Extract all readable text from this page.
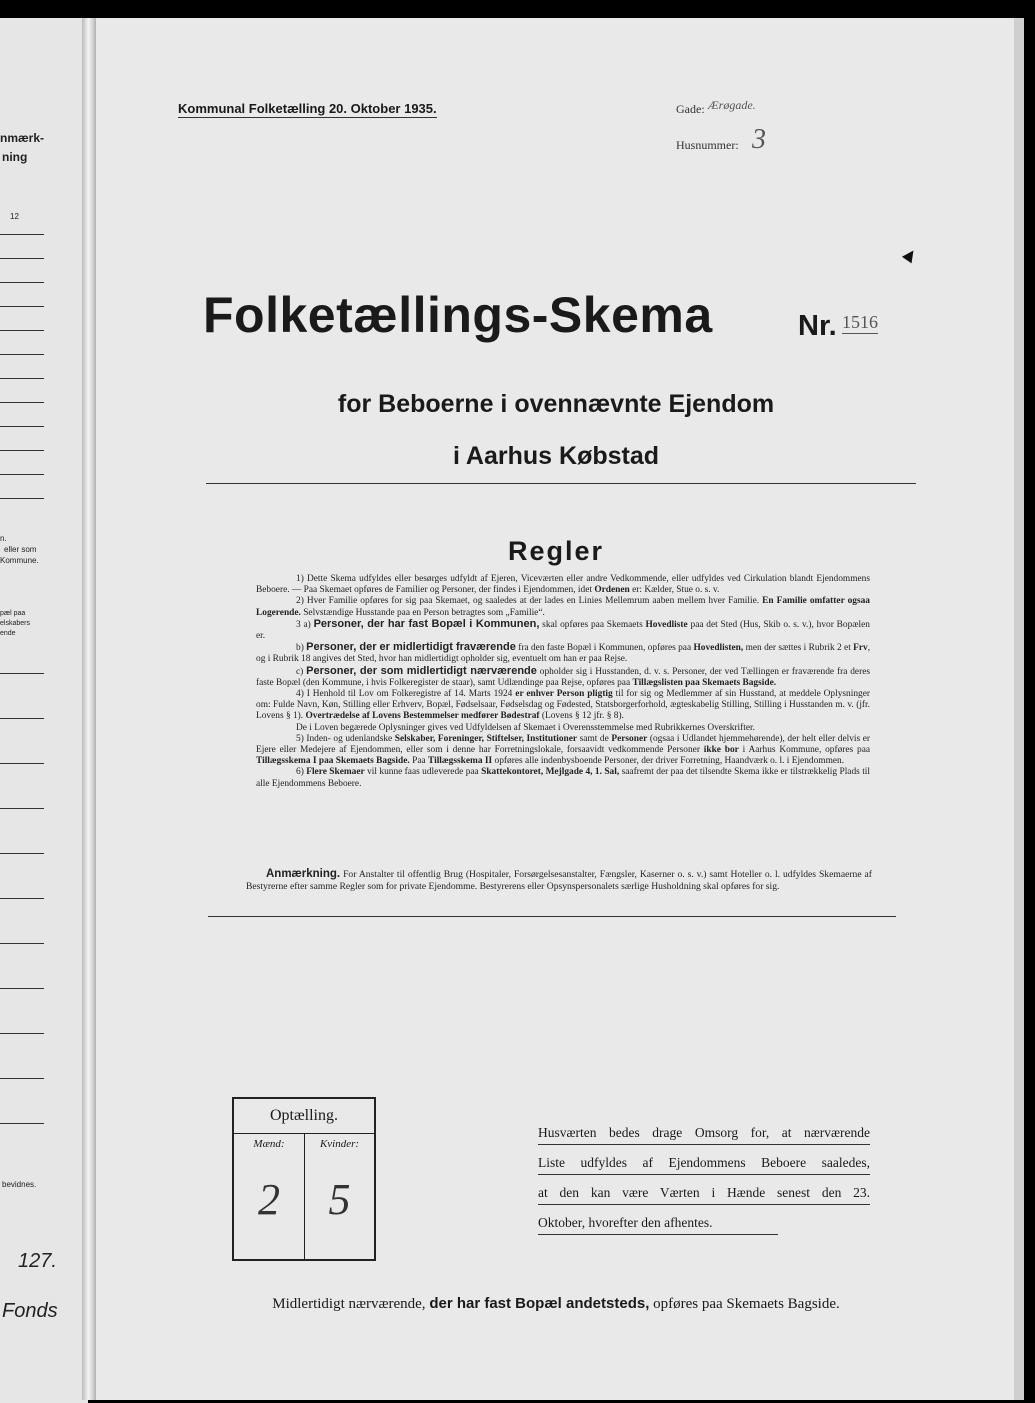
nmærk-
ning
12
n.
eller som
Kommune.
pæl paa
elskabers
ende
bevidnes.
127.
Fonds
Kommunal Folketælling 20. Oktober 1935.	Gade: Ærøgade.
Husnummer: 3
▲
Folketællings-Skema	Nr. 1516
for Beboerne i ovennævnte Ejendom
i Aarhus Købstad
Regler

1) Dette Skema udfyldes eller besørges udfyldt af Ejeren, Viceværten eller andre Vedkommende, eller udfyldes ved Cirkulation blandt Ejendommens Beboere. — Paa Skemaet opføres de Familier og Personer, der findes i Ejendommen, idet Ordenen er: Kælder, Stue o. s. v.

2) Hver Familie opføres for sig paa Skemaet, og saaledes at der lades en Linies Mellemrum aaben mellem hver Familie. En Familie omfatter ogsaa Logerende. Selvstændige Husstande paa en Person betragtes som „Familie“.

3 a) Personer, der har fast Bopæl i Kommunen, skal opføres paa Skemaets Hovedliste paa det Sted (Hus, Skib o. s. v.), hvor Bopælen er.

b) Personer, der er midlertidigt fraværende fra den faste Bopæl i Kommunen, opføres paa Hovedlisten, men der sættes i Rubrik 2 et Frv, og i Rubrik 18 angives det Sted, hvor han midlertidigt opholder sig, eventuelt om han er paa Rejse.

c) Personer, der som midlertidigt nærværende opholder sig i Husstanden, d. v. s. Personer, der ved Tællingen er fraværende fra deres faste Bopæl (den Kommune, i hvis Folkeregister de staar), samt Udlændinge paa Rejse, opføres paa Tillægslisten paa Skemaets Bagside.

4) I Henhold til Lov om Folkeregistre af 14. Marts 1924 er enhver Person pligtig til for sig og Medlemmer af sin Husstand, at meddele Oplysninger om: Fulde Navn, Køn, Stilling eller Erhverv, Bopæl, Fødselsaar, Fødselsdag og Fødested, Statsborgerforhold, ægteskabelig Stilling, Stilling i Husstanden m. v. (jfr. Lovens § 1). Overtrædelse af Lovens Bestemmelser medfører Bødestraf (Lovens § 12 jfr. § 8).

De i Loven begærede Oplysninger gives ved Udfyldelsen af Skemaet i Overensstemmelse med Rubrikkernes Overskrifter.

5) Inden- og udenlandske Selskaber, Foreninger, Stiftelser, Institutioner samt de Personer (ogsaa i Udlandet hjemmehørende), der helt eller delvis er Ejere eller Medejere af Ejendommen, eller som i denne har Forretningslokale, forsaavidt vedkommende Personer ikke bor i Aarhus Kommune, opføres paa Tillægsskema I paa Skemaets Bagside. Paa Tillægsskema II opføres alle indenbysboende Personer, der driver Forretning, Haandværk o. l. i Ejendommen.

6) Flere Skemaer vil kunne faas udleverede paa Skattekontoret, Mejlgade 4, 1. Sal, saafremt der paa det tilsendte Skema ikke er tilstrækkelig Plads til alle Ejendommens Beboere.

Anmærkning. For Anstalter til offentlig Brug (Hospitaler, Forsørgelsesanstalter, Fængsler, Kaserner o. s. v.) samt Hoteller o. l. udfyldes Skemaerne af Bestyrerne efter samme Regler som for private Ejendomme. Bestyrerens eller Opsynspersonalets særlige Husholdning skal opføres for sig.
Optælling.
Mænd:
2
Kvinder:
5
Husværten bedes drage Omsorg for, at nærværende
Liste udfyldes af Ejendommens Beboere saaledes,
at den kan være Værten i Hænde senest den 23.
Oktober, hvorefter den afhentes.
Midlertidigt nærværende, der har fast Bopæl andetsteds, opføres paa Skemaets Bagside.
